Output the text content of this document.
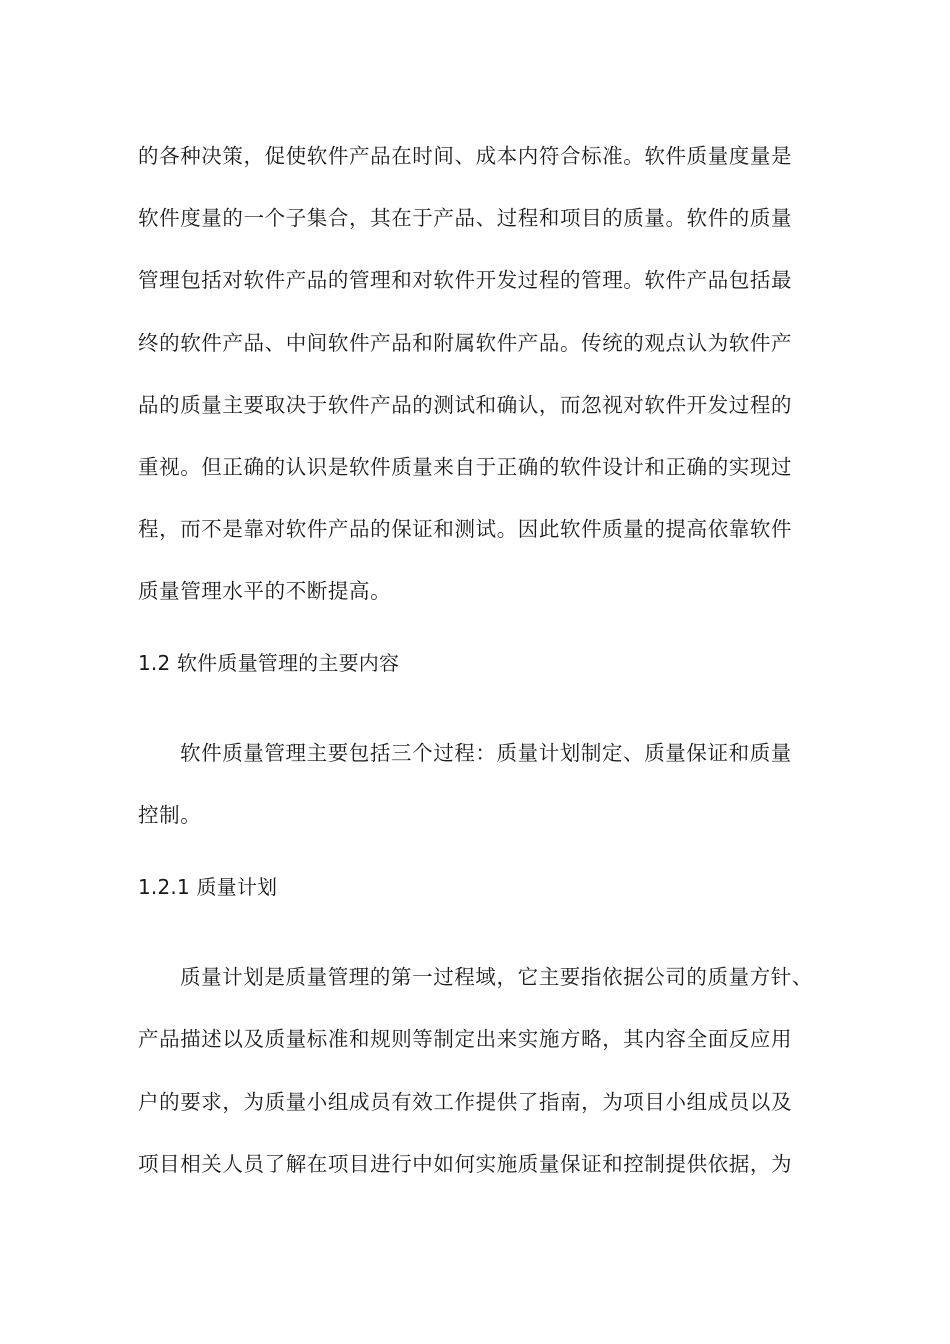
的各种决策，促使软件产品在时间、成本内符合标准。软件质量度量是
软件度量的一个子集合，其在于产品、过程和项目的质量。软件的质量
管理包括对软件产品的管理和对软件开发过程的管理。软件产品包括最
终的软件产品、中间软件产品和附属软件产品。传统的观点认为软件产
品的质量主要取决于软件产品的测试和确认，而忽视对软件开发过程的
重视。但正确的认识是软件质量来自于正确的软件设计和正确的实现过
程，而不是靠对软件产品的保证和测试。因此软件质量的提高依靠软件
质量管理水平的不断提高。
1.2 软件质量管理的主要内容
软件质量管理主要包括三个过程：质量计划制定、质量保证和质量
控制。
1.2.1 质量计划
质量计划是质量管理的第一过程域，它主要指依据公司的质量方针、
产品描述以及质量标准和规则等制定出来实施方略，其内容全面反应用
户的要求，为质量小组成员有效工作提供了指南，为项目小组成员以及
项目相关人员了解在项目进行中如何实施质量保证和控制提供依据，为
